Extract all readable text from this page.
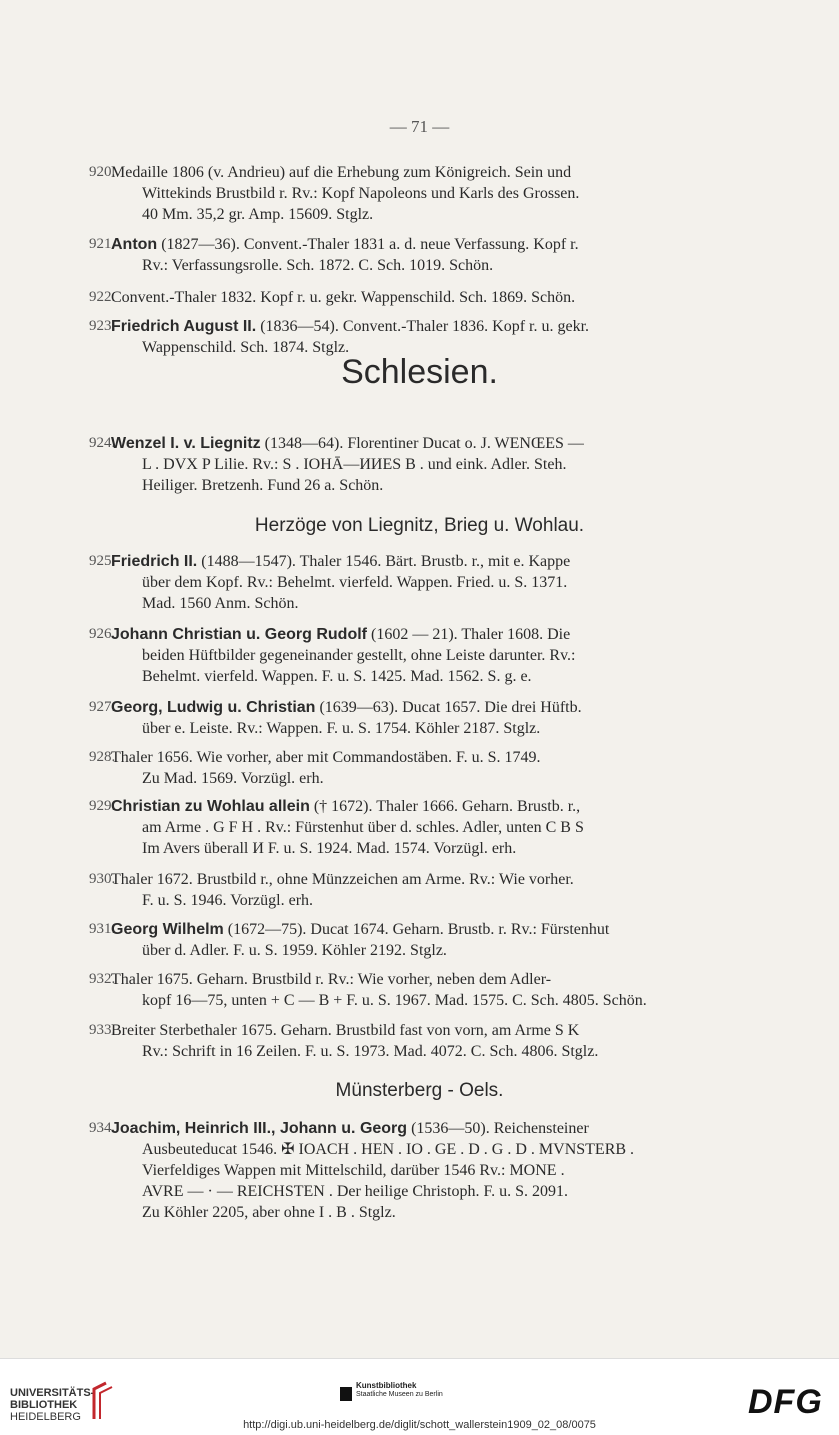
— 71 —
920.
Medaille 1806 (v. Andrieu) auf die Erhebung zum Königreich. Sein und
Wittekinds Brustbild r. Rv.: Kopf Napoleons und Karls des Grossen.
40 Mm. 35,2 gr. Amp. 15609. Stglz.
921.
Anton (1827—36). Convent.-Thaler 1831 a. d. neue Verfassung. Kopf r.
Rv.: Verfassungsrolle. Sch. 1872. C. Sch. 1019. Schön.
922.
Convent.-Thaler 1832. Kopf r. u. gekr. Wappenschild. Sch. 1869. Schön.
923.
Friedrich August II. (1836—54). Convent.-Thaler 1836. Kopf r. u. gekr.
Wappenschild. Sch. 1874. Stglz.
Schlesien.
924.
Wenzel I. v. Liegnitz (1348—64). Florentiner Ducat o. J. WENŒES —
L . DVX P Lilie. Rv.: S . IOHĀ—ИИES B . und eink. Adler. Steh.
Heiliger. Bretzenh. Fund 26 a. Schön.
Herzöge von Liegnitz, Brieg u. Wohlau.
925.
Friedrich II. (1488—1547). Thaler 1546. Bärt. Brustb. r., mit e. Kappe
über dem Kopf. Rv.: Behelmt. vierfeld. Wappen. Fried. u. S. 1371.
Mad. 1560 Anm. Schön.
926.
Johann Christian u. Georg Rudolf (1602 — 21). Thaler 1608. Die
beiden Hüftbilder gegeneinander gestellt, ohne Leiste darunter. Rv.:
Behelmt. vierfeld. Wappen. F. u. S. 1425. Mad. 1562. S. g. e.
927.
Georg, Ludwig u. Christian (1639—63). Ducat 1657. Die drei Hüftb.
über e. Leiste. Rv.: Wappen. F. u. S. 1754. Köhler 2187. Stglz.
928.
Thaler 1656. Wie vorher, aber mit Commandostäben. F. u. S. 1749.
Zu Mad. 1569. Vorzügl. erh.
929.
Christian zu Wohlau allein († 1672). Thaler 1666. Geharn. Brustb. r.,
am Arme . G F H . Rv.: Fürstenhut über d. schles. Adler, unten C B S
Im Avers überall И F. u. S. 1924. Mad. 1574. Vorzügl. erh.
930.
Thaler 1672. Brustbild r., ohne Münzzeichen am Arme. Rv.: Wie vorher.
F. u. S. 1946. Vorzügl. erh.
931.
Georg Wilhelm (1672—75). Ducat 1674. Geharn. Brustb. r. Rv.: Fürstenhut
über d. Adler. F. u. S. 1959. Köhler 2192. Stglz.
932.
Thaler 1675. Geharn. Brustbild r. Rv.: Wie vorher, neben dem Adler-
kopf 16—75, unten + C — B + F. u. S. 1967. Mad. 1575. C. Sch. 4805. Schön.
933.
Breiter Sterbethaler 1675. Geharn. Brustbild fast von vorn, am Arme S K
Rv.: Schrift in 16 Zeilen. F. u. S. 1973. Mad. 4072. C. Sch. 4806. Stglz.
Münsterberg - Oels.
934.
Joachim, Heinrich III., Johann u. Georg (1536—50). Reichensteiner
Ausbeuteducat 1546. ✠ IOACH . HEN . IO . GE . D . G . D . MVNSTERB .
Vierfeldiges Wappen mit Mittelschild, darüber 1546 Rv.: MONE .
AVRE — · — REICHSTEN . Der heilige Christoph. F. u. S. 2091.
Zu Köhler 2205, aber ohne I . B . Stglz.
UNIVERSITÄTS-
BIBLIOTHEK
HEIDELBERG
Kunstbibliothek
Staatliche Museen zu Berlin	DFG
http://digi.ub.uni-heidelberg.de/diglit/schott_wallerstein1909_02_08/0075
